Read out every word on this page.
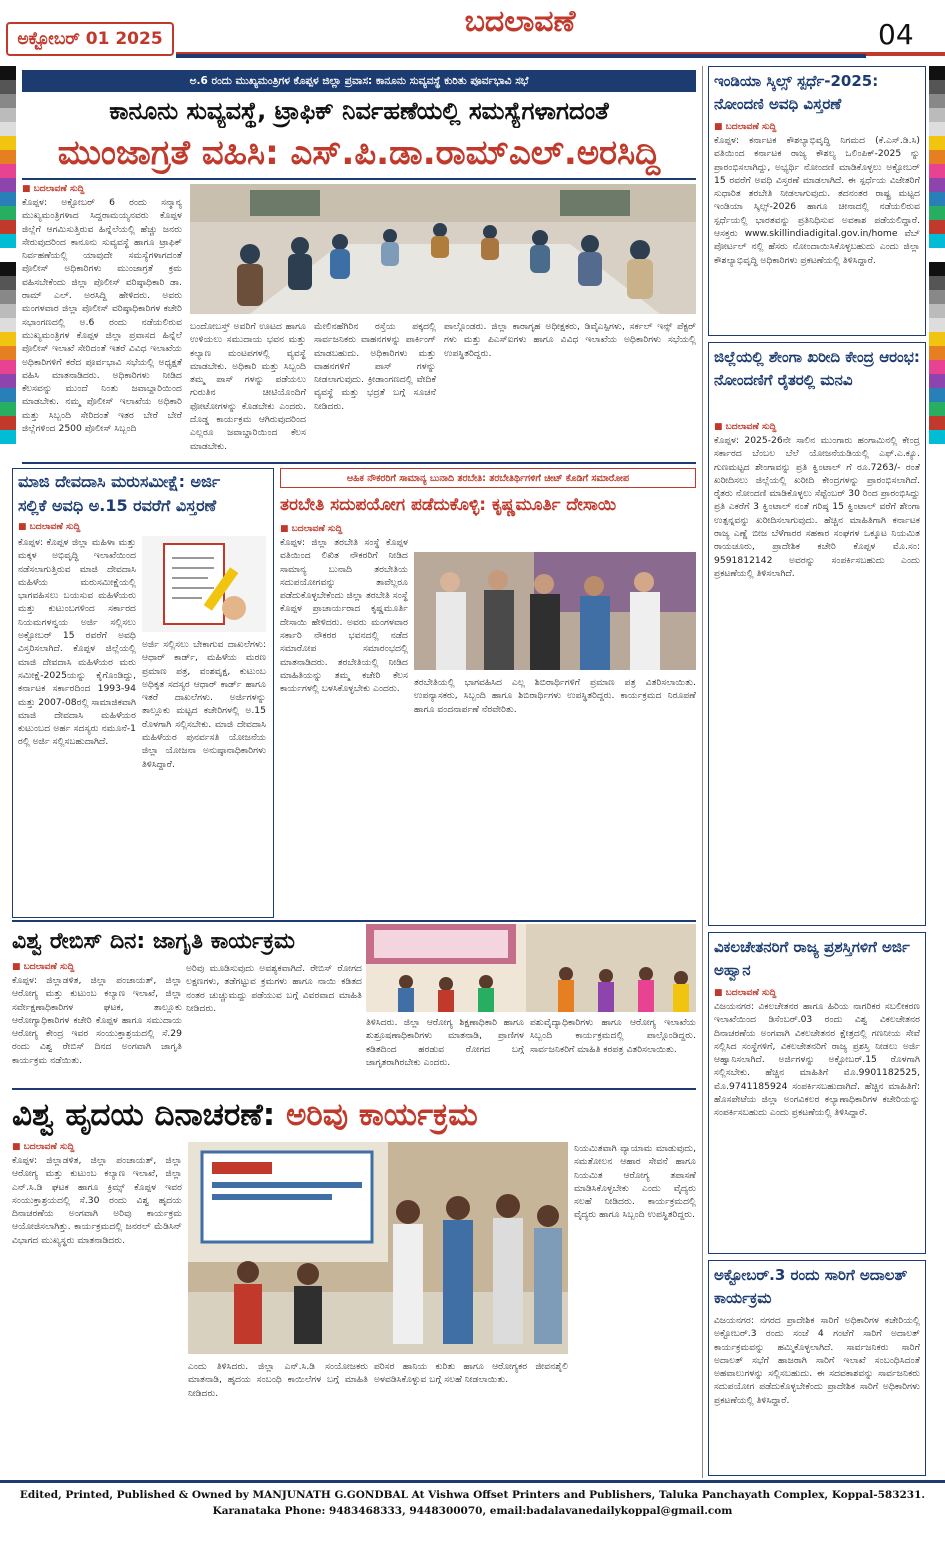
ಅಕ್ಟೋಬರ್ 01 2025	ಬದಲಾವಣೆ	04
ಅ.6 ರಂದು ಮುಖ್ಯಮಂತ್ರಿಗಳ ಕೊಪ್ಪಳ ಜಿಲ್ಲಾ ಪ್ರವಾಸ: ಕಾನೂನು ಸುವ್ಯವಸ್ಥೆ ಕುರಿತು ಪೂರ್ವಭಾವಿ ಸಭೆ
ಕಾನೂನು ಸುವ್ಯವಸ್ಥೆ, ಟ್ರಾಫಿಕ್ ನಿರ್ವಹಣೆಯಲ್ಲಿ ಸಮಸ್ಯೆಗಳಾಗದಂತೆ
ಮುಂಜಾಗ್ರತೆ ವಹಿಸಿ: ಎಸ್.ಪಿ.ಡಾ.ರಾಮ್‌ಎಲ್.ಅರಸಿದ್ದಿ
■ ಬದಲಾವಣೆ ಸುದ್ದಿ
ಕೊಪ್ಪಳ: ಅಕ್ಟೋಬರ್ 6 ರಂದು ಸನ್ಮಾನ್ಯ ಮುಖ್ಯಮಂತ್ರಿಗಳಾದ ಸಿದ್ದರಾಮಯ್ಯನವರು ಕೊಪ್ಪಳ ಜಿಲ್ಲೆಗೆ ಆಗಮಿಸುತ್ತಿರುವ ಹಿನ್ನೆಲೆಯಲ್ಲಿ ಹೆಚ್ಚು ಜನರು ಸೇರುವುದರಿಂದ ಕಾನೂನು ಸುವ್ಯವಸ್ಥೆ ಹಾಗೂ ಟ್ರಾಫಿಕ್ ನಿರ್ವಹಣೆಯಲ್ಲಿ ಯಾವುದೇ ಸಮಸ್ಯೆಗಳಾಗದಂತೆ ಪೊಲೀಸ್ ಅಧಿಕಾರಿಗಳು ಮುಂಜಾಗ್ರತೆ ಕ್ರಮ ವಹಿಸಬೇಕೆಂದು ಜಿಲ್ಲಾ ಪೊಲೀಸ್ ವರಿಷ್ಠಾಧಿಕಾರಿ ಡಾ. ರಾಮ್ ಎಲ್. ಅರಸಿದ್ದಿ ಹೇಳಿದರು. ಅವರು ಮಂಗಳವಾರ ಜಿಲ್ಲಾ ಪೊಲೀಸ್ ವರಿಷ್ಠಾಧಿಕಾರಿಗಳ ಕಚೇರಿ ಸಭಾಂಗಣದಲ್ಲಿ ಅ.6 ರಂದು ನಡೆಯಲಿರುವ ಮುಖ್ಯಮಂತ್ರಿಗಳ ಕೊಪ್ಪಳ ಜಿಲ್ಲಾ ಪ್ರವಾಸದ ಹಿನ್ನೆಲೆ ಪೊಲೀಸ್ ಇಲಾಖೆ ಸೇರಿದಂತೆ ಇತರೆ ವಿವಿಧ ಇಲಾಖೆಯ ಅಧಿಕಾರಿಗಳಿಗೆ ಕರೆದ ಪೂರ್ವಭಾವಿ ಸಭೆಯಲ್ಲಿ ಅಧ್ಯಕ್ಷತೆ ವಹಿಸಿ ಮಾತನಾಡಿದರು. ಅಧಿಕಾರಿಗಳು ನೀಡಿದ ಕೆಲಸವನ್ನು ಮುಂದೆ ನಿಂತು ಜವಾಬ್ದಾರಿಯಿಂದ ಮಾಡಬೇಕು. ನಮ್ಮ ಪೊಲೀಸ್ ಇಲಾಖೆಯ ಅಧಿಕಾರಿ ಮತ್ತು ಸಿಬ್ಬಂದಿ ಸೇರಿದಂತೆ ಇತರ ಬೇರೆ ಬೇರೆ ಜಿಲ್ಲೆಗಳಿಂದ 2500 ಪೊಲೀಸ್ ಸಿಬ್ಬಂದಿ
ಬಂದೋಬಸ್ತ್ ಅವರಿಗೆ ಊಟದ ಹಾಗೂ ಉಳಿಯಲು ಸಮುದಾಯ ಭವನ ಮತ್ತು ಕಲ್ಯಾಣ ಮಂಟಪಗಳಲ್ಲಿ ವ್ಯವಸ್ಥೆ ಮಾಡಬೇಕು. ಅಧಿಕಾರಿ ಮತ್ತು ಸಿಬ್ಬಂದಿ ತಮ್ಮ ಪಾಸ್ ಗಳನ್ನು ಪಡೆಯಲು ಗುರುತಿನ ಚೀಟಿಯೊಂದಿಗೆ ಫೋಟೋಗಳನ್ನು ಕೊಡಬೇಕು ಎಂದರು. ದೊಡ್ಡ ಕಾರ್ಯಕ್ರಮ ಆಗಿರುವುದರಿಂದ ಎಲ್ಲರೂ ಜವಾಬ್ದಾರಿಯಿಂದ ಕೆಲಸ ಮಾಡಬೇಕು.
ಮೇಲಿನಹೆಗಿರಿನ ರಸ್ತೆಯ ಪಕ್ಕದಲ್ಲಿ ಸಾರ್ವಜನಿಕರು ವಾಹನಗಳನ್ನು ಪಾರ್ಕಿಂಗ್ ಮಾಡಬಹುದು. ಅಧಿಕಾರಿಗಳು ಮತ್ತು ವಾಹನಗಳಿಗೆ ಪಾಸ್ ಗಳನ್ನು ನೀಡಲಾಗುವುದು. ಕ್ರೀಡಾಂಗಣದಲ್ಲಿ ವೇದಿಕೆ ವ್ಯವಸ್ಥೆ ಮತ್ತು ಭದ್ರತೆ ಬಗ್ಗೆ ಸೂಚನೆ ನೀಡಿದರು.
ಪಾಲ್ಗೊಂಡರು. ಜಿಲ್ಲಾ ಕಾರಾಗೃಹ ಅಧೀಕ್ಷಕರು, ಡಿವೈಎಸ್ಪಿಗಳು, ಸರ್ಕಲ್ ಇನ್ಸ್ ಪೆಕ್ಟರ್ ಗಳು ಮತ್ತು ಪಿಎಸ್ಐಗಳು ಹಾಗೂ ವಿವಿಧ ಇಲಾಖೆಯ ಅಧಿಕಾರಿಗಳು ಸಭೆಯಲ್ಲಿ ಉಪಸ್ಥಿತರಿದ್ದರು.
ಮಾಜಿ ದೇವದಾಸಿ ಮರುಸಮೀಕ್ಷೆ: ಅರ್ಜಿ
ಸಲ್ಲಿಕೆ ಅವಧಿ ಅ.15 ರವರೆಗೆ ವಿಸ್ತರಣೆ
■ ಬದಲಾವಣೆ ಸುದ್ದಿ
ಕೊಪ್ಪಳ: ಕೊಪ್ಪಳ ಜಿಲ್ಲಾ ಮಹಿಳಾ ಮತ್ತು ಮಕ್ಕಳ ಅಭಿವೃದ್ಧಿ ಇಲಾಖೆಯಿಂದ ನಡೆಸಲಾಗುತ್ತಿರುವ ಮಾಜಿ ದೇವದಾಸಿ ಮಹಿಳೆಯ ಮರುಸಮೀಕ್ಷೆಯಲ್ಲಿ ಭಾಗವಹಿಸಲು ಬಯಸುವ ಮಹಿಳೆಯರು ಮತ್ತು ಕುಟುಂಬಗಳಿಂದ ಸರ್ಕಾರದ ನಿಯಮಗಳನ್ವಯ ಅರ್ಜಿ ಸಲ್ಲಿಸಲು ಅಕ್ಟೋಬರ್ 15 ರವರೆಗೆ ಅವಧಿ ವಿಸ್ತರಿಸಲಾಗಿದೆ. ಕೊಪ್ಪಳ ಜಿಲ್ಲೆಯಲ್ಲಿ ಮಾಜಿ ದೇವದಾಸಿ ಮಹಿಳೆಯರ ಮರು ಸಮೀಕ್ಷೆ-2025ಯನ್ನು ಕೈಗೊಂಡಿದ್ದು, ಕರ್ನಾಟಕ ಸರ್ಕಾರದಿಂದ 1993-94 ಮತ್ತು 2007-08ರಲ್ಲಿ ಸಾಮಾಜಿಕವಾಗಿ ಮಾಜಿ ದೇವದಾಸಿ ಮಹಿಳೆಯರ ಕುಟುಂಬದ ಅರ್ಹ ಸದಸ್ಯರು ನಮೂನೆ-1 ರಲ್ಲಿ ಅರ್ಜಿ ಸಲ್ಲಿಸಬಹುದಾಗಿದೆ.
ಅರ್ಜಿ ಸಲ್ಲಿಸಲು ಬೇಕಾಗುವ ದಾಖಲೆಗಳು: ಆಧಾರ್ ಕಾರ್ಡ್, ಮಹಿಳೆಯ ಮರಣ ಪ್ರಮಾಣ ಪತ್ರ, ವಂಶವೃಕ್ಷ, ಕುಟುಂಬ ಅಧಿಕೃತ ಸದಸ್ಯರ ಆಧಾರ್ ಕಾರ್ಡ್ ಹಾಗೂ ಇತರೆ ದಾಖಲೆಗಳು. ಅರ್ಜಿಗಳನ್ನು ತಾಲ್ಲೂಕು ಮಟ್ಟದ ಕಚೇರಿಗಳಲ್ಲಿ ಅ.15 ರೊಳಗಾಗಿ ಸಲ್ಲಿಸಬೇಕು. ಮಾಜಿ ದೇವದಾಸಿ ಮಹಿಳೆಯರ ಪುನರ್ವಸತಿ ಯೋಜನೆಯ ಜಿಲ್ಲಾ ಯೋಜನಾ ಅನುಷ್ಠಾನಾಧಿಕಾರಿಗಳು ತಿಳಿಸಿದ್ದಾರೆ.
ಆಹಿಕ ನೌಕರರಿಗೆ ಸಾಮಾನ್ಯ ಬುನಾದಿ ತರಬೇತಿ: ತರಬೇತಿರ್ಥಿಗಳಿಗೆ ಚೀಟ್ ಕೊಡಿಗೆ ಸಮಾರೋಪ
ತರಬೇತಿ ಸದುಪಯೋಗ ಪಡೆದುಕೊಳ್ಳಿ: ಕೃಷ್ಣಮೂರ್ತಿ ದೇಸಾಯಿ
■ ಬದಲಾವಣೆ ಸುದ್ದಿ
ಕೊಪ್ಪಳ: ಜಿಲ್ಲಾ ತರಬೇತಿ ಸಂಸ್ಥೆ ಕೊಪ್ಪಳ ವತಿಯಿಂದ ಲಿಖಿತ ನೌಕರರಿಗೆ ನೀಡಿದ ಸಾಮಾನ್ಯ ಬುನಾದಿ ತರಬೇತಿಯ ಸದುಪಯೋಗವನ್ನು ತಾವೆಲ್ಲರೂ ಪಡೆದುಕೊಳ್ಳಬೇಕೆಂದು ಜಿಲ್ಲಾ ತರಬೇತಿ ಸಂಸ್ಥೆ ಕೊಪ್ಪಳ ಪ್ರಾಚಾರ್ಯರಾದ ಕೃಷ್ಣಮೂರ್ತಿ ದೇಸಾಯಿ ಹೇಳಿದರು. ಅವರು ಮಂಗಳವಾರ ಸರ್ಕಾರಿ ನೌಕರರ ಭವನದಲ್ಲಿ ನಡೆದ ಸಮಾರೋಪ ಸಮಾರಂಭದಲ್ಲಿ ಮಾತನಾಡಿದರು. ತರಬೇತಿಯಲ್ಲಿ ನೀಡಿದ ಮಾಹಿತಿಯನ್ನು ತಮ್ಮ ಕಚೇರಿ ಕೆಲಸ ಕಾರ್ಯಗಳಲ್ಲಿ ಬಳಸಿಕೊಳ್ಳಬೇಕು ಎಂದರು.
ತರಬೇತಿಯಲ್ಲಿ ಭಾಗವಹಿಸಿದ ಎಲ್ಲ ಶಿಬಿರಾರ್ಥಿಗಳಿಗೆ ಪ್ರಮಾಣ ಪತ್ರ ವಿತರಿಸಲಾಯಿತು. ಉಪನ್ಯಾಸಕರು, ಸಿಬ್ಬಂದಿ ಹಾಗೂ ಶಿಬಿರಾರ್ಥಿಗಳು ಉಪಸ್ಥಿತರಿದ್ದರು. ಕಾರ್ಯಕ್ರಮದ ನಿರೂಪಣೆ ಹಾಗೂ ವಂದನಾರ್ಪಣೆ ನೆರವೇರಿತು.
ವಿಶ್ವ ರೇಬಿಸ್ ದಿನ: ಜಾಗೃತಿ ಕಾರ್ಯಕ್ರಮ
■ ಬದಲಾವಣೆ ಸುದ್ದಿ
ಕೊಪ್ಪಳ: ಜಿಲ್ಲಾಡಳಿತ, ಜಿಲ್ಲಾ ಪಂಚಾಯತ್, ಜಿಲ್ಲಾ ಆರೋಗ್ಯ ಮತ್ತು ಕುಟುಂಬ ಕಲ್ಯಾಣ ಇಲಾಖೆ, ಜಿಲ್ಲಾ ಸರ್ವೇಕ್ಷಣಾಧಿಕಾರಿಗಳ ಘಟಕ, ತಾಲ್ಲೂಕು ಆರೋಗ್ಯಾಧಿಕಾರಿಗಳ ಕಚೇರಿ ಕೊಪ್ಪಳ ಹಾಗೂ ಸಮುದಾಯ ಆರೋಗ್ಯ ಕೇಂದ್ರ ಇವರ ಸಂಯುಕ್ತಾಶ್ರಯದಲ್ಲಿ ಸೆ.29 ರಂದು ವಿಶ್ವ ರೇಬಿಸ್ ದಿನದ ಅಂಗವಾಗಿ ಜಾಗೃತಿ ಕಾರ್ಯಕ್ರಮ ನಡೆಯಿತು.
ಅರಿವು ಮೂಡಿಸುವುದು ಅವಶ್ಯಕವಾಗಿದೆ. ರೇಬಿಸ್ ರೋಗದ ಲಕ್ಷಣಗಳು, ತಡೆಗಟ್ಟುವ ಕ್ರಮಗಳು ಹಾಗೂ ನಾಯಿ ಕಡಿತದ ನಂತರ ಚುಚ್ಚುಮದ್ದು ಪಡೆಯುವ ಬಗ್ಗೆ ವಿವರವಾದ ಮಾಹಿತಿ ನೀಡಿದರು.
ತಿಳಿಸಿದರು. ಜಿಲ್ಲಾ ಆರೋಗ್ಯ ಶಿಕ್ಷಣಾಧಿಕಾರಿ ಹಾಗೂ ಶುಶ್ರೂಷಣಾಧಿಕಾರಿಗಳು ಮಾತನಾಡಿ, ಪ್ರಾಣಿಗಳ ಕಡಿತದಿಂದ ಹರಡುವ ರೋಗದ ಬಗ್ಗೆ ಜಾಗೃತರಾಗಿರಬೇಕು ಎಂದರು.
ಪಶುವೈದ್ಯಾಧಿಕಾರಿಗಳು ಹಾಗೂ ಆರೋಗ್ಯ ಇಲಾಖೆಯ ಸಿಬ್ಬಂದಿ ಕಾರ್ಯಕ್ರಮದಲ್ಲಿ ಪಾಲ್ಗೊಂಡಿದ್ದರು. ಸಾರ್ವಜನಿಕರಿಗೆ ಮಾಹಿತಿ ಕರಪತ್ರ ವಿತರಿಸಲಾಯಿತು.
ವಿಶ್ವ ಹೃದಯ ದಿನಾಚರಣೆ: ಅರಿವು ಕಾರ್ಯಕ್ರಮ
■ ಬದಲಾವಣೆ ಸುದ್ದಿ
ಕೊಪ್ಪಳ: ಜಿಲ್ಲಾಡಳಿತ, ಜಿಲ್ಲಾ ಪಂಚಾಯತ್, ಜಿಲ್ಲಾ ಆರೋಗ್ಯ ಮತ್ತು ಕುಟುಂಬ ಕಲ್ಯಾಣ ಇಲಾಖೆ, ಜಿಲ್ಲಾ ಎನ್.ಸಿ.ಡಿ ಘಟಕ ಹಾಗೂ ಕ್ರಿಮ್ಸ್ ಕೊಪ್ಪಳ ಇವರ ಸಂಯುಕ್ತಾಶ್ರಯದಲ್ಲಿ ಸೆ.30 ರಂದು ವಿಶ್ವ ಹೃದಯ ದಿನಾಚರಣೆಯ ಅಂಗವಾಗಿ ಅರಿವು ಕಾರ್ಯಕ್ರಮ ಆಯೋಜಿಸಲಾಗಿತ್ತು. ಕಾರ್ಯಕ್ರಮದಲ್ಲಿ ಜನರಲ್ ಮೆಡಿಸಿನ್ ವಿಭಾಗದ ಮುಖ್ಯಸ್ಥರು ಮಾತನಾಡಿದರು.
ಎಂದು ತಿಳಿಸಿದರು. ಜಿಲ್ಲಾ ಎನ್.ಸಿ.ಡಿ ಸಂಯೋಜಕರು ಮಾತನಾಡಿ, ಹೃದಯ ಸಂಬಂಧಿ ಕಾಯಿಲೆಗಳ ಬಗ್ಗೆ ಮಾಹಿತಿ ನೀಡಿದರು.
ಪರಿಸರ ಹಾನಿಯ ಕುರಿತು ಹಾಗೂ ಆರೋಗ್ಯಕರ ಜೀವನಶೈಲಿ ಅಳವಡಿಸಿಕೊಳ್ಳುವ ಬಗ್ಗೆ ಸಲಹೆ ನೀಡಲಾಯಿತು.
ನಿಯಮಿತವಾಗಿ ವ್ಯಾಯಾಮ ಮಾಡುವುದು, ಸಮತೋಲನ ಆಹಾರ ಸೇವನೆ ಹಾಗೂ ನಿಯಮಿತ ಆರೋಗ್ಯ ತಪಾಸಣೆ ಮಾಡಿಸಿಕೊಳ್ಳಬೇಕು ಎಂದು ವೈದ್ಯರು ಸಲಹೆ ನೀಡಿದರು. ಕಾರ್ಯಕ್ರಮದಲ್ಲಿ ವೈದ್ಯರು ಹಾಗೂ ಸಿಬ್ಬಂದಿ ಉಪಸ್ಥಿತರಿದ್ದರು.
ಇಂಡಿಯಾ ಸ್ಕಿಲ್ಸ್ ಸ್ಪರ್ಧೆ-2025: ನೋಂದಣಿ ಅವಧಿ ವಿಸ್ತರಣೆ
■ ಬದಲಾವಣೆ ಸುದ್ದಿ
ಕೊಪ್ಪಳ: ಕರ್ನಾಟಕ ಕೌಶಲ್ಯಾಭಿವೃದ್ಧಿ ನಿಗಮದ (ಕೆ.ಎಸ್.ಡಿ.ಸಿ) ವತಿಯಿಂದ ಕರ್ನಾಟಕ ರಾಜ್ಯ ಕೌಶಲ್ಯ ಒಲಿಂಪಿಕ್-2025 ನ್ನು ಪ್ರಾರಂಭಿಸಲಾಗಿದ್ದು, ಅಭ್ಯರ್ಥಿ ನೋಂದಣಿ ಮಾಡಿಕೊಳ್ಳಲು ಅಕ್ಟೋಬರ್ 15 ರವರೆಗೆ ಅವಧಿ ವಿಸ್ತರಣೆ ಮಾಡಲಾಗಿದೆ. ಈ ಸ್ಪರ್ಧೆಯ ವಿಜೇತರಿಗೆ ಸುಧಾರಿತ ತರಬೇತಿ ನೀಡಲಾಗುವುದು. ತದನಂತರ ರಾಷ್ಟ್ರ ಮಟ್ಟದ ಇಂಡಿಯಾ ಸ್ಕಿಲ್ಸ್-2026 ಹಾಗೂ ಚೀನಾದಲ್ಲಿ ನಡೆಯಲಿರುವ ಸ್ಪರ್ಧೆಯಲ್ಲಿ ಭಾರತವನ್ನು ಪ್ರತಿನಿಧಿಸುವ ಅವಕಾಶ ಪಡೆಯಲಿದ್ದಾರೆ. ಆಸಕ್ತರು www.skillindiadigital.gov.in/home ವೆಬ್ ಪೋರ್ಟಲ್ ನಲ್ಲಿ ಹೆಸರು ನೋಂದಾಯಿಸಿಕೊಳ್ಳಬಹುದು ಎಂದು ಜಿಲ್ಲಾ ಕೌಶಲ್ಯಾಭಿವೃದ್ಧಿ ಅಧಿಕಾರಿಗಳು ಪ್ರಕಟಣೆಯಲ್ಲಿ ತಿಳಿಸಿದ್ದಾರೆ.
ಜಿಲ್ಲೆಯಲ್ಲಿ ಶೇಂಗಾ ಖರೀದಿ ಕೇಂದ್ರ ಆರಂಭ: ನೋಂದಣಿಗೆ ರೈತರಲ್ಲಿ ಮನವಿ
■ ಬದಲಾವಣೆ ಸುದ್ದಿ
ಕೊಪ್ಪಳ: 2025-26ನೇ ಸಾಲಿನ ಮುಂಗಾರು ಹಂಗಾಮಿನಲ್ಲಿ ಕೇಂದ್ರ ಸರ್ಕಾರದ ಬೆಂಬಲ ಬೆಲೆ ಯೋಜನೆಯಡಿಯಲ್ಲಿ ಎಫ್.ಎ.ಕ್ಯೂ. ಗುಣಮಟ್ಟದ ಶೇಂಗಾವನ್ನು ಪ್ರತಿ ಕ್ವಿಂಟಾಲ್ ಗೆ ರೂ.7263/- ರಂತೆ ಖರೀದಿಸಲು ಜಿಲ್ಲೆಯಲ್ಲಿ ಖರೀದಿ ಕೇಂದ್ರಗಳನ್ನು ಪ್ರಾರಂಭಿಸಲಾಗಿದೆ. ರೈತರು ನೋಂದಣಿ ಮಾಡಿಕೊಳ್ಳಲು ಸೆಪ್ಟೆಂಬರ್ 30 ರಿಂದ ಪ್ರಾರಂಭಿಸಿದ್ದು ಪ್ರತಿ ಎಕರೆಗೆ 3 ಕ್ವಿಂಟಾಲ್ ನಂತೆ ಗರಿಷ್ಠ 15 ಕ್ವಿಂಟಾಲ್ ವರೆಗೆ ಶೇಂಗಾ ಉತ್ಪನ್ನವನ್ನು ಖರೀದಿಸಲಾಗುವುದು. ಹೆಚ್ಚಿನ ಮಾಹಿತಿಗಾಗಿ ಕರ್ನಾಟಕ ರಾಜ್ಯ ಎಣ್ಣೆ ಬೀಜ ಬೆಳೆಗಾರರ ಸಹಕಾರ ಸಂಘಗಳ ಒಕ್ಕೂಟ ನಿಯಮಿತ ರಾಯಚೂರು, ಪ್ರಾದೇಶಿಕ ಕಚೇರಿ ಕೊಪ್ಪಳ ಮೊ.ಸಂ: 9591812142 ಅವರನ್ನು ಸಂಪರ್ಕಿಸಬಹುದು ಎಂದು ಪ್ರಕಟಣೆಯಲ್ಲಿ ತಿಳಿಸಲಾಗಿದೆ.
ವಿಕಲಚೇತನರಿಗೆ ರಾಜ್ಯ ಪ್ರಶಸ್ತಿಗಳಿಗೆ ಅರ್ಜಿ ಅಹ್ವಾನ
■ ಬದಲಾವಣೆ ಸುದ್ದಿ
ವಿಜಯನಗರ: ವಿಕಲಚೇತನರ ಹಾಗೂ ಹಿರಿಯ ನಾಗರಿಕರ ಸಬಲೀಕರಣ ಇಲಾಖೆಯಿಂದ ಡಿಸೆಂಬರ್.03 ರಂದು ವಿಶ್ವ ವಿಕಲಚೇತನರ ದಿನಾಚರಣೆಯ ಅಂಗವಾಗಿ ವಿಕಲಚೇತನರ ಕ್ಷೇತ್ರದಲ್ಲಿ ಗಣನೀಯ ಸೇವೆ ಸಲ್ಲಿಸಿದ ಸಂಸ್ಥೆಗಳಿಗೆ, ವಿಕಲಚೇತನರಿಗೆ ರಾಜ್ಯ ಪ್ರಶಸ್ತಿ ನೀಡಲು ಅರ್ಜಿ ಆಹ್ವಾನಿಸಲಾಗಿದೆ. ಅರ್ಜಿಗಳನ್ನು ಅಕ್ಟೋಬರ್.15 ರೊಳಗಾಗಿ ಸಲ್ಲಿಸಬೇಕು. ಹೆಚ್ಚಿನ ಮಾಹಿತಿಗೆ ಮೊ.9901182525, ಮೊ.9741185924 ಸಂಪರ್ಕಿಸಬಹುದಾಗಿದೆ. ಹೆಚ್ಚಿನ ಮಾಹಿತಿಗೆ: ಹೊಸಪೇಟೆಯ ಜಿಲ್ಲಾ ಅಂಗವಿಕಲರ ಕಲ್ಯಾಣಾಧಿಕಾರಿಗಳ ಕಚೇರಿಯನ್ನು ಸಂಪರ್ಕಿಸಬಹುದು ಎಂದು ಪ್ರಕಟಣೆಯಲ್ಲಿ ತಿಳಿಸಿದ್ದಾರೆ.
ಅಕ್ಟೋಬರ್.3 ರಂದು ಸಾರಿಗೆ ಅದಾಲತ್ ಕಾರ್ಯಕ್ರಮ
ವಿಜಯನಗರ: ನಗರದ ಪ್ರಾದೇಶಿಕ ಸಾರಿಗೆ ಅಧಿಕಾರಿಗಳ ಕಚೇರಿಯಲ್ಲಿ ಅಕ್ಟೋಬರ್.3 ರಂದು ಸಂಜೆ 4 ಗಂಟೆಗೆ ಸಾರಿಗೆ ಅದಾಲತ್ ಕಾರ್ಯಕ್ರಮವನ್ನು ಹಮ್ಮಿಕೊಳ್ಳಲಾಗಿದೆ. ಸಾರ್ವಜನಿಕರು ಸಾರಿಗೆ ಅದಾಲತ್ ಸಭೆಗೆ ಹಾಜರಾಗಿ ಸಾರಿಗೆ ಇಲಾಖೆ ಸಂಬಂಧಿಸಿದಂತೆ ಅಹವಾಲುಗಳನ್ನು ಸಲ್ಲಿಸಬಹುದು. ಈ ಸದವಕಾಶವನ್ನು ಸಾರ್ವಜನಿಕರು ಸದುಪಯೋಗ ಪಡೆದುಕೊಳ್ಳಬೇಕೆಂದು ಪ್ರಾದೇಶಿಕ ಸಾರಿಗೆ ಅಧಿಕಾರಿಗಳು ಪ್ರಕಟಣೆಯಲ್ಲಿ ತಿಳಿಸಿದ್ದಾರೆ.
Edited, Printed, Published & Owned by MANJUNATH G.GONDBAL At Vishwa Offset Printers and Publishers, Taluka Panchayath Complex, Koppal-583231.
Karanataka Phone: 9483468333, 9448300070, email:badalavanedailykoppal@gmail.com
